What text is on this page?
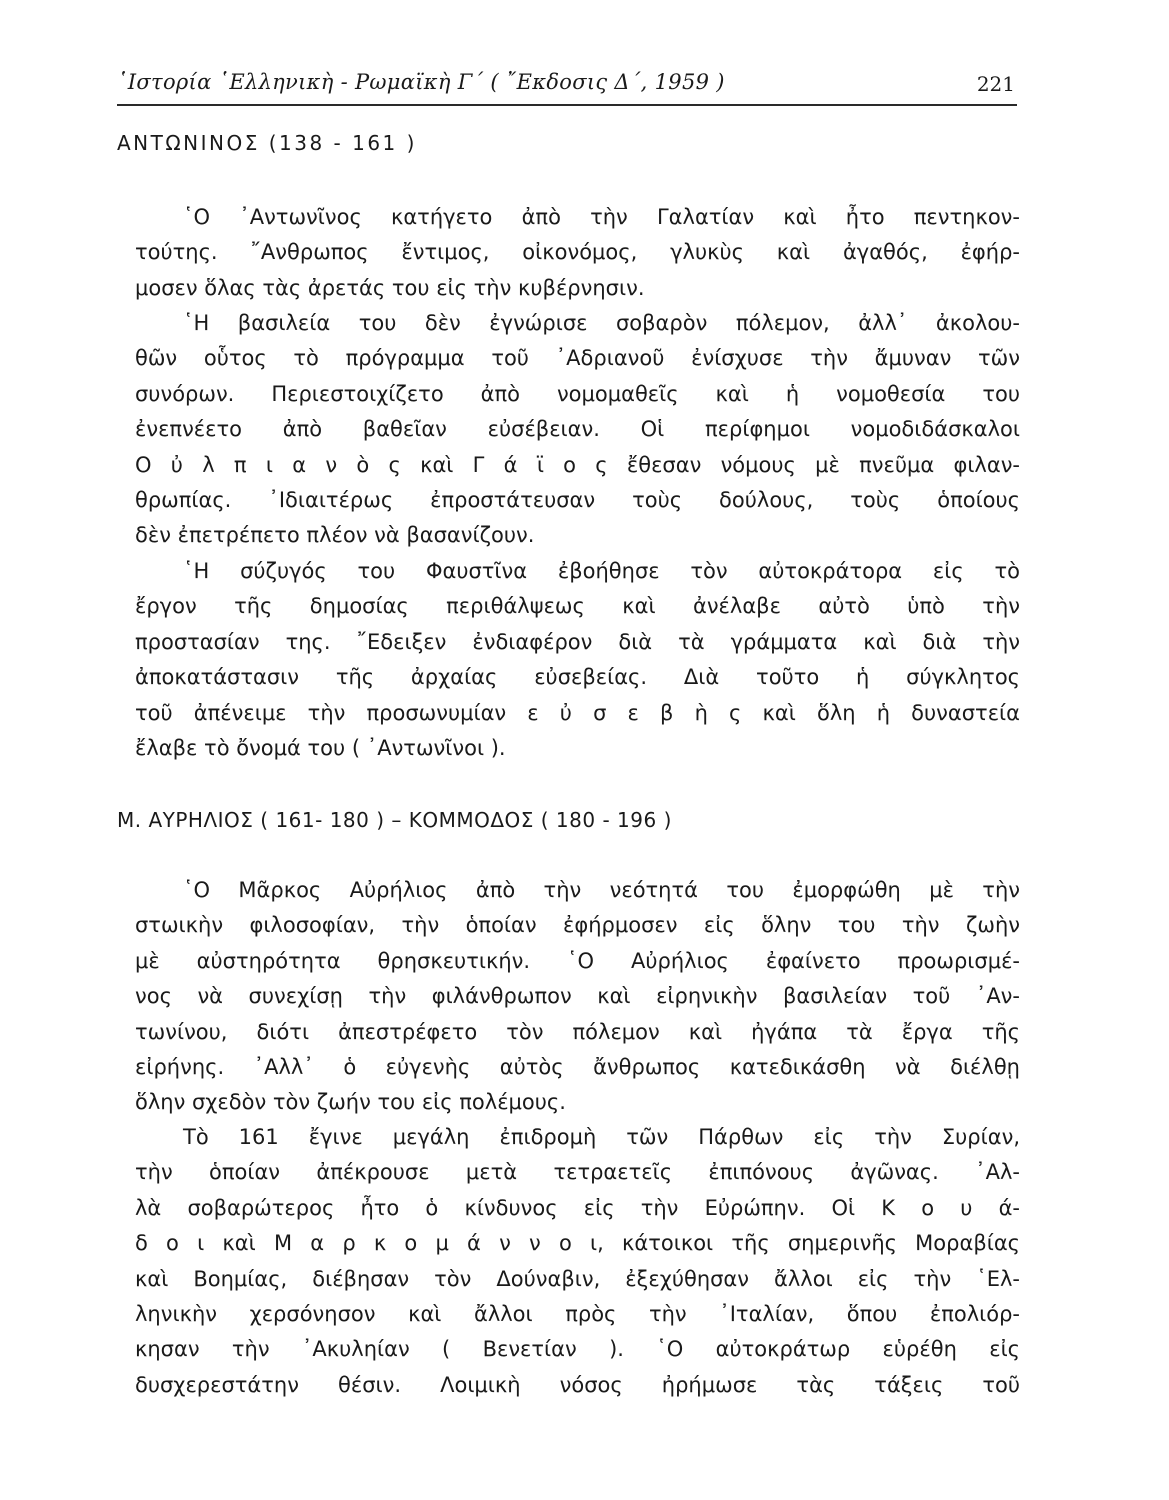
῾Ιστορία ῾Ελληνικὴ - Ρωμαϊκὴ Γ΄ ( ῎Εκδοσις Δ΄, 1959 )	221
ΑΝΤΩΝΙΝΟΣ (138 - 161 )
῾Ο ᾽Αντωνῖνος κατήγετο ἀπὸ τὴν Γαλατίαν καὶ ἦτο πεντηκον-
τούτης. ῎Ανθρωπος ἔντιμος, οἰκονόμος, γλυκὺς καὶ ἀγαθός, ἐφήρ-
μοσεν ὅλας τὰς ἀρετάς του εἰς τὴν κυβέρνησιν.
῾Η βασιλεία του δὲν ἐγνώρισε σοβαρὸν πόλεμον, ἀλλ᾽ ἀκολου-
θῶν οὗτος τὸ πρόγραμμα τοῦ ᾽Αδριανοῦ ἐνίσχυσε τὴν ἄμυναν τῶν
συνόρων. Περιεστοιχίζετο ἀπὸ νομομαθεῖς καὶ ἡ νομοθεσία του
ἐνεπνέετο ἀπὸ βαθεῖαν εὐσέβειαν. Οἱ περίφημοι νομοδιδάσκαλοι
Ο ὐ λ π ι α ν ὸ ς καὶ Γ ά ϊ ο ς ἔθεσαν νόμους μὲ πνεῦμα φιλαν-
θρωπίας. ᾽Ιδιαιτέρως ἐπροστάτευσαν τοὺς δούλους, τοὺς ὁποίους
δὲν ἐπετρέπετο πλέον νὰ βασανίζουν.
῾Η σύζυγός του Φαυστῖνα ἐβοήθησε τὸν αὐτοκράτορα εἰς τὸ
ἔργον τῆς δημοσίας περιθάλψεως καὶ ἀνέλαβε αὐτὸ ὑπὸ τὴν
προστασίαν της. ῎Εδειξεν ἐνδιαφέρον διὰ τὰ γράμματα καὶ διὰ τὴν
ἀποκατάστασιν τῆς ἀρχαίας εὐσεβείας. Διὰ τοῦτο ἡ σύγκλητος
τοῦ ἀπένειμε τὴν προσωνυμίαν ε ὐ σ ε β ὴ ς καὶ ὅλη ἡ δυναστεία
ἔλαβε τὸ ὄνομά του ( ᾽Αντωνῖνοι ).
Μ. ΑΥΡΗΛΙΟΣ ( 161- 180 ) – ΚΟΜΜΟΔΟΣ ( 180 - 196 )
῾Ο Μᾶρκος Αὐρήλιος ἀπὸ τὴν νεότητά του ἐμορφώθη μὲ τὴν
στωικὴν φιλοσοφίαν, τὴν ὁποίαν ἐφήρμοσεν εἰς ὅλην του τὴν ζωὴν
μὲ αὐστηρότητα θρησκευτικήν. ῾Ο Αὐρήλιος ἐφαίνετο προωρισμέ-
νος νὰ συνεχίσῃ τὴν φιλάνθρωπον καὶ εἰρηνικὴν βασιλείαν τοῦ ᾽Αν-
τωνίνου, διότι ἀπεστρέφετο τὸν πόλεμον καὶ ἠγάπα τὰ ἔργα τῆς
εἰρήνης. ᾽Αλλ᾽ ὁ εὐγενὴς αὐτὸς ἄνθρωπος κατεδικάσθη νὰ διέλθῃ
ὅλην σχεδὸν τὸν ζωήν του εἰς πολέμους.
Τὸ 161 ἔγινε μεγάλη ἐπιδρομὴ τῶν Πάρθων εἰς τὴν Συρίαν,
τὴν ὁποίαν ἀπέκρουσε μετὰ τετραετεῖς ἐπιπόνους ἀγῶνας. ᾽Αλ-
λὰ σοβαρώτερος ἦτο ὁ κίνδυνος εἰς τὴν Εὐρώπην. Οἱ Κ ο υ ά-
δ ο ι καὶ Μ α ρ κ ο μ ά ν ν ο ι, κάτοικοι τῆς σημερινῆς Μοραβίας
καὶ Βοημίας, διέβησαν τὸν Δούναβιν, ἐξεχύθησαν ἄλλοι εἰς τὴν ῾Ελ-
ληνικὴν χερσόνησον καὶ ἄλλοι πρὸς τὴν ᾽Ιταλίαν, ὅπου ἐπολιόρ-
κησαν τὴν ᾽Ακυληίαν ( Βενετίαν ). ῾Ο αὐτοκράτωρ εὑρέθη εἰς
δυσχερεστάτην θέσιν. Λοιμικὴ νόσος ἠρήμωσε τὰς τάξεις τοῦ
